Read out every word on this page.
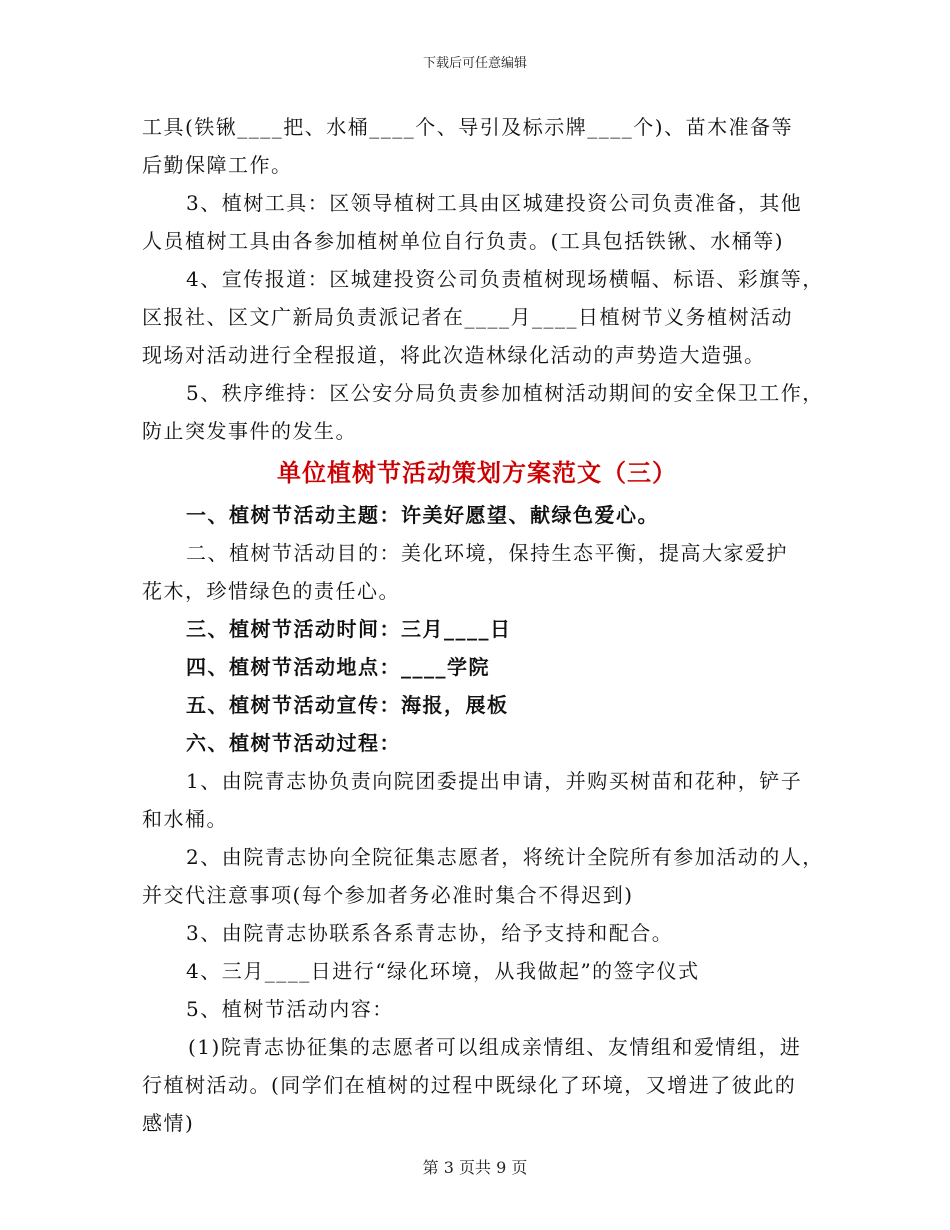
下载后可任意编辑
工具(铁锹____把、水桶____个、导引及标示牌____个)、苗木准备等
后勤保障工作。
3、植树工具：区领导植树工具由区城建投资公司负责准备，其他
人员植树工具由各参加植树单位自行负责。(工具包括铁锹、水桶等)
4、宣传报道：区城建投资公司负责植树现场横幅、标语、彩旗等，
区报社、区文广新局负责派记者在____月____日植树节义务植树活动
现场对活动进行全程报道，将此次造林绿化活动的声势造大造强。
5、秩序维持：区公安分局负责参加植树活动期间的安全保卫工作，
防止突发事件的发生。
单位植树节活动策划方案范文（三）
一、植树节活动主题：许美好愿望、献绿色爱心。
二、植树节活动目的：美化环境，保持生态平衡，提高大家爱护
花木，珍惜绿色的责任心。
三、植树节活动时间：三月____日
四、植树节活动地点：____学院
五、植树节活动宣传：海报，展板
六、植树节活动过程：
1、由院青志协负责向院团委提出申请，并购买树苗和花种，铲子
和水桶。
2、由院青志协向全院征集志愿者，将统计全院所有参加活动的人，
并交代注意事项(每个参加者务必准时集合不得迟到)
3、由院青志协联系各系青志协，给予支持和配合。
4、三月____日进行“绿化环境，从我做起”的签字仪式
5、植树节活动内容：
(1)院青志协征集的志愿者可以组成亲情组、友情组和爱情组，进
行植树活动。(同学们在植树的过程中既绿化了环境，又增进了彼此的
感情)
第 3 页共 9 页
